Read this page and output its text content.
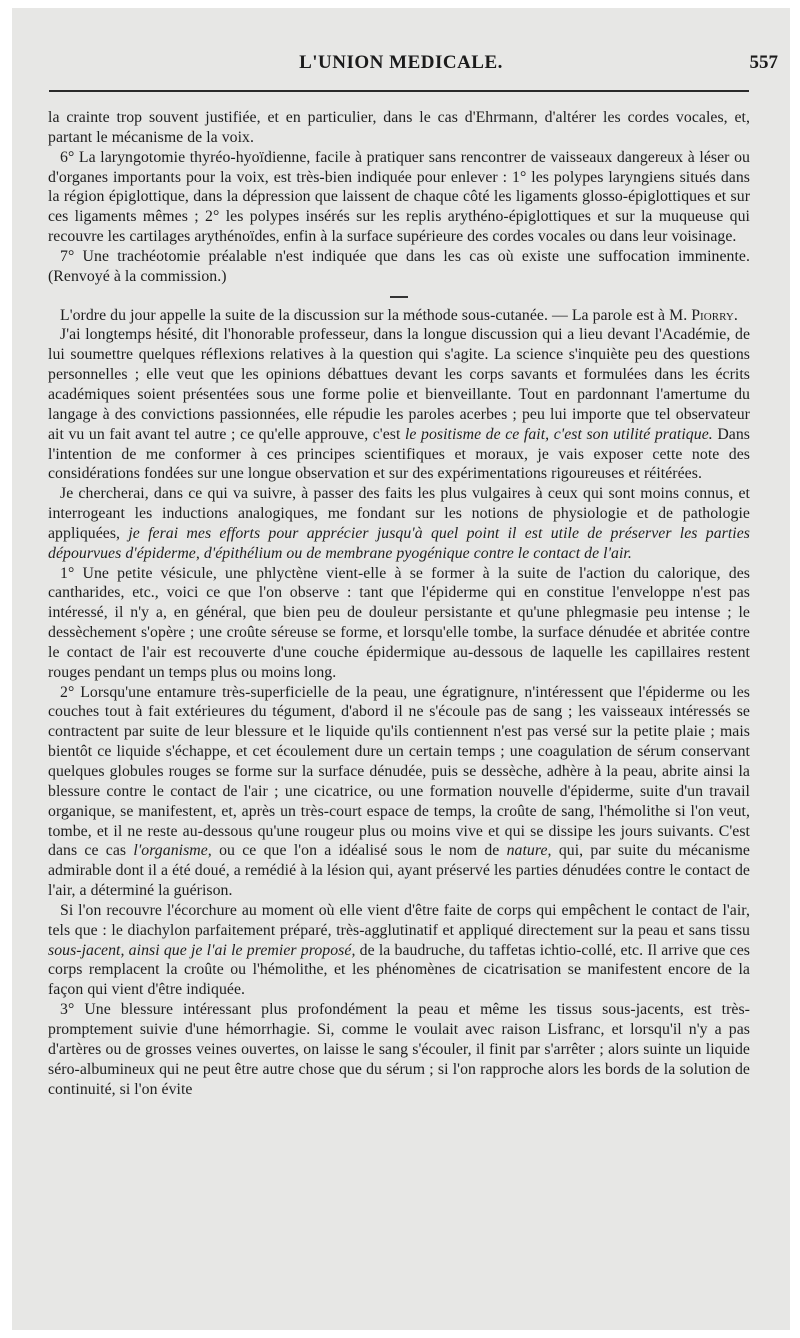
L'UNION MEDICALE.	557

la crainte trop souvent justifiée, et en particulier, dans le cas d'Ehrmann, d'altérer les cordes vocales, et, partant le mécanisme de la voix.

6° La laryngotomie thyréo-hyoïdienne, facile à pratiquer sans rencontrer de vaisseaux dangereux à léser ou d'organes importants pour la voix, est très-bien indiquée pour enlever : 1° les polypes laryngiens situés dans la région épiglottique, dans la dépression que laissent de chaque côté les ligaments glosso-épiglottiques et sur ces ligaments mêmes ; 2° les polypes insérés sur les replis arythéno-épiglottiques et sur la muqueuse qui recouvre les cartilages arythénoïdes, enfin à la surface supérieure des cordes vocales ou dans leur voisinage.

7° Une trachéotomie préalable n'est indiquée que dans les cas où existe une suffocation imminente. (Renvoyé à la commission.)

L'ordre du jour appelle la suite de la discussion sur la méthode sous-cutanée. — La parole est à M. Piorry.

J'ai longtemps hésité, dit l'honorable professeur, dans la longue discussion qui a lieu devant l'Académie, de lui soumettre quelques réflexions relatives à la question qui s'agite. La science s'inquiète peu des questions personnelles ; elle veut que les opinions débattues devant les corps savants et formulées dans les écrits académiques soient présentées sous une forme polie et bienveillante. Tout en pardonnant l'amertume du langage à des convictions passionnées, elle répudie les paroles acerbes ; peu lui importe que tel observateur ait vu un fait avant tel autre ; ce qu'elle approuve, c'est le positisme de ce fait, c'est son utilité pratique. Dans l'intention de me conformer à ces principes scientifiques et moraux, je vais exposer cette note des considérations fondées sur une longue observation et sur des expérimentations rigoureuses et réitérées.

Je chercherai, dans ce qui va suivre, à passer des faits les plus vulgaires à ceux qui sont moins connus, et interrogeant les inductions analogiques, me fondant sur les notions de physiologie et de pathologie appliquées, je ferai mes efforts pour apprécier jusqu'à quel point il est utile de préserver les parties dépourvues d'épiderme, d'épithélium ou de membrane pyogénique contre le contact de l'air.

1° Une petite vésicule, une phlyctène vient-elle à se former à la suite de l'action du calorique, des cantharides, etc., voici ce que l'on observe : tant que l'épiderme qui en constitue l'enveloppe n'est pas intéressé, il n'y a, en général, que bien peu de douleur persistante et qu'une phlegmasie peu intense ; le dessèchement s'opère ; une croûte séreuse se forme, et lorsqu'elle tombe, la surface dénudée et abritée contre le contact de l'air est recouverte d'une couche épidermique au-dessous de laquelle les capillaires restent rouges pendant un temps plus ou moins long.

2° Lorsqu'une entamure très-superficielle de la peau, une égratignure, n'intéressent que l'épiderme ou les couches tout à fait extérieures du tégument, d'abord il ne s'écoule pas de sang ; les vaisseaux intéressés se contractent par suite de leur blessure et le liquide qu'ils contiennent n'est pas versé sur la petite plaie ; mais bientôt ce liquide s'échappe, et cet écoulement dure un certain temps ; une coagulation de sérum conservant quelques globules rouges se forme sur la surface dénudée, puis se dessèche, adhère à la peau, abrite ainsi la blessure contre le contact de l'air ; une cicatrice, ou une formation nouvelle d'épiderme, suite d'un travail organique, se manifestent, et, après un très-court espace de temps, la croûte de sang, l'hémolithe si l'on veut, tombe, et il ne reste au-dessous qu'une rougeur plus ou moins vive et qui se dissipe les jours suivants. C'est dans ce cas l'organisme, ou ce que l'on a idéalisé sous le nom de nature, qui, par suite du mécanisme admirable dont il a été doué, a remédié à la lésion qui, ayant préservé les parties dénudées contre le contact de l'air, a déterminé la guérison.

Si l'on recouvre l'écorchure au moment où elle vient d'être faite de corps qui empêchent le contact de l'air, tels que : le diachylon parfaitement préparé, très-agglutinatif et appliqué directement sur la peau et sans tissu sous-jacent, ainsi que je l'ai le premier proposé, de la baudruche, du taffetas ichtio-collé, etc. Il arrive que ces corps remplacent la croûte ou l'hémolithe, et les phénomènes de cicatrisation se manifestent encore de la façon qui vient d'être indiquée.

3° Une blessure intéressant plus profondément la peau et même les tissus sous-jacents, est très-promptement suivie d'une hémorrhagie. Si, comme le voulait avec raison Lisfranc, et lorsqu'il n'y a pas d'artères ou de grosses veines ouvertes, on laisse le sang s'écouler, il finit par s'arrêter ; alors suinte un liquide séro-albumineux qui ne peut être autre chose que du sérum ; si l'on rapproche alors les bords de la solution de continuité, si l'on évite
